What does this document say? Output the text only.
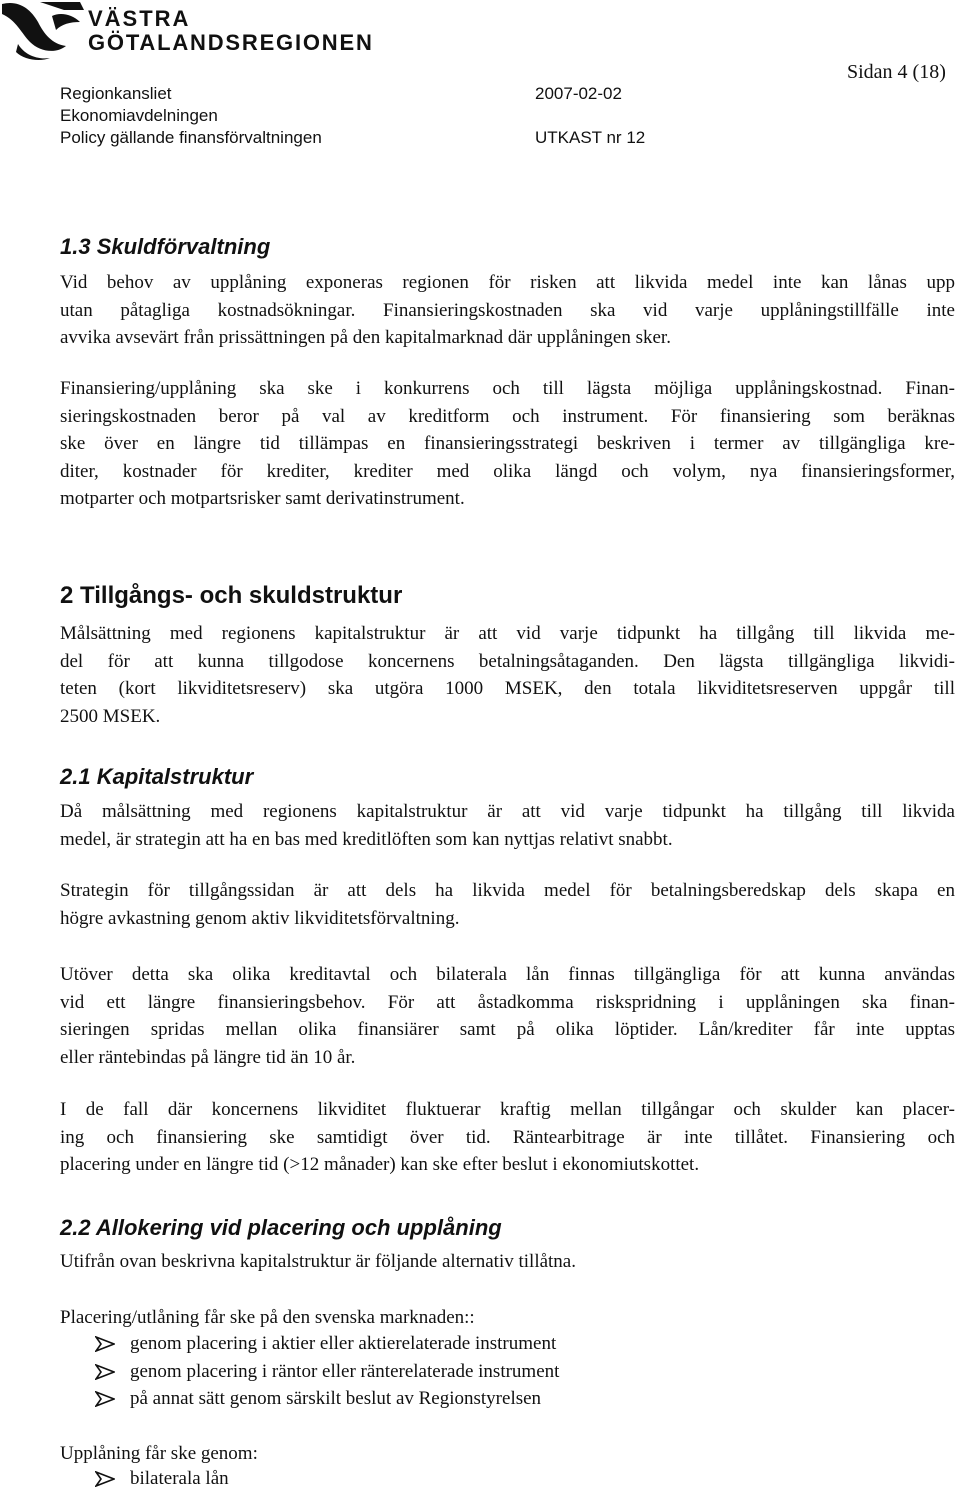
VÄSTRA
GÖTALANDSREGIONEN
Sidan 4 (18)
Regionkansliet
Ekonomiavdelningen
Policy gällande finansförvaltningen
2007-02-02
UTKAST nr 12
1.3 Skuldförvaltning
Vid behov av upplåning exponeras regionen för risken att likvida medel inte kan lånas upp
utan påtagliga kostnadsökningar. Finansieringskostnaden ska vid varje upplåningstillfälle inte
avvika avsevärt från prissättningen på den kapitalmarknad där upplåningen sker.
Finansiering/upplåning ska ske i konkurrens och till lägsta möjliga upplåningskostnad. Finan-
sieringskostnaden beror på val av kreditform och instrument. För finansiering som beräknas
ske över en längre tid tillämpas en finansieringsstrategi beskriven i termer av tillgängliga kre-
diter, kostnader för krediter, krediter med olika längd och volym, nya finansieringsformer,
motparter och motpartsrisker samt derivatinstrument.
2 Tillgångs- och skuldstruktur
Målsättning med regionens kapitalstruktur är att vid varje tidpunkt ha tillgång till likvida me-
del för att kunna tillgodose koncernens betalningsåtaganden. Den lägsta tillgängliga likvidi-
teten (kort likviditetsreserv) ska utgöra 1000 MSEK, den totala likviditetsreserven uppgår till
2500 MSEK.
2.1 Kapitalstruktur
Då målsättning med regionens kapitalstruktur är att vid varje tidpunkt ha tillgång till likvida
medel, är strategin att ha en bas med kreditlöften som kan nyttjas relativt snabbt.
Strategin för tillgångssidan är att dels ha likvida medel för betalningsberedskap dels skapa en
högre avkastning genom aktiv likviditetsförvaltning.
Utöver detta ska olika kreditavtal och bilaterala lån finnas tillgängliga för att kunna användas
vid ett längre finansieringsbehov. För att åstadkomma riskspridning i upplåningen ska finan-
sieringen spridas mellan olika finansiärer samt på olika löptider. Lån/krediter får inte upptas
eller räntebindas på längre tid än 10 år.
I de fall där koncernens likviditet fluktuerar kraftig mellan tillgångar och skulder kan placer-
ing och finansiering ske samtidigt över tid. Räntearbitrage är inte tillåtet. Finansiering och
placering under en längre tid (>12 månader) kan ske efter beslut i ekonomiutskottet.
2.2 Allokering vid placering och upplåning
Utifrån ovan beskrivna kapitalstruktur är följande alternativ tillåtna.
Placering/utlåning får ske på den svenska marknaden::
genom placering i aktier eller aktierelaterade instrument
genom placering i räntor eller ränterelaterade instrument
på annat sätt genom särskilt beslut av Regionstyrelsen
Upplåning får ske genom:
bilaterala lån
